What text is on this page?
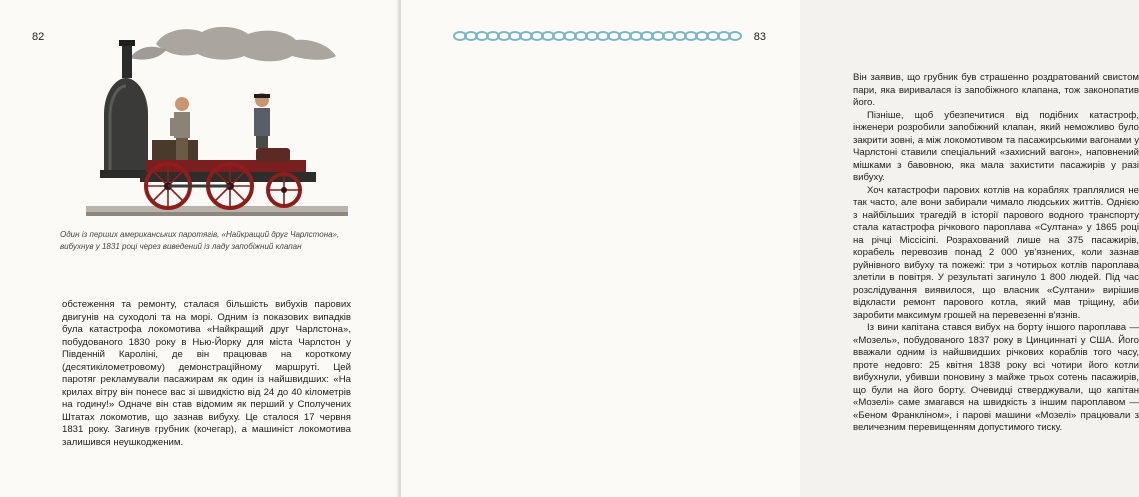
82
Один із перших американських паротягів, «Найкращий друг Чарлстона», вибухнув у 1831 році через виведений із ладу запобіжний клапан

обстеження та ремонту, сталася більшість вибухів парових двигунів на суходолі та на морі. Одним із показових випадків була катастрофа локомотива «Найкращий друг Чарлстона», побудованого 1830 року в Нью-Йорку для міста Чарлстон у Південній Кароліні, де він працював на короткому (десятикілометровому) демонстраційному маршруті. Цей паротяг рекламували пасажирам як один із найшвидших: «На крилах вітру він понесе вас зі швидкістю від 24 до 40 кілометрів на годину!» Одначе він став відомим як перший у Сполучених Штатах локомотив, що зазнав вибуху. Це сталося 17 червня 1831 року. Загинув грубник (кочегар), а машиніст локомотива залишився неушкодженим.

83

Він заявив, що грубник був страшенно роздратований свистом пари, яка виривалася із запобіжного клапана, тож законопатив його.

Пізніше, щоб убезпечитися від подібних катастроф, інженери розробили запобіжний клапан, який неможливо було закрити зовні, а між локомотивом та пасажирськими вагонами у Чарлстоні ставили спеціальний «захисний вагон», наповнений мішками з бавовною, яка мала захистити пасажирів у разі вибуху.

Хоч катастрофи парових котлів на кораблях траплялися не так часто, але вони забирали чимало людських життів. Однією з найбільших трагедій в історії парового водного транспорту стала катастрофа річкового пароплава «Султана» у 1865 році на річці Міссісіпі. Розрахований лише на 375 пасажирів, корабель перевозив понад 2 000 ув'язнених, коли зазнав руйнівного вибуху та пожежі: три з чотирьох котлів пароплава злетіли в повітря. У результаті загинуло 1 800 людей. Під час розслідування виявилося, що власник «Султани» вирішив відкласти ремонт парового котла, який мав тріщину, аби заробити максимум грошей на перевезенні в'язнів.

Із вини капітана стався вибух на борту іншого пароплава — «Мозель», побудованого 1837 року в Цинциннаті у США. Його вважали одним із найшвидших річкових кораблів того часу, проте недовго: 25 квітня 1838 року всі чотири його котли вибухнули, убивши поновину з майже трьох сотень пасажирів, що були на його борту. Очевидці стверджували, що капітан «Мозелі» саме змагався на швидкість з іншим пароплавом — «Беном Франкліном», і парові машини «Мозелі» працювали з величезним перевищенням допустимого тиску.
